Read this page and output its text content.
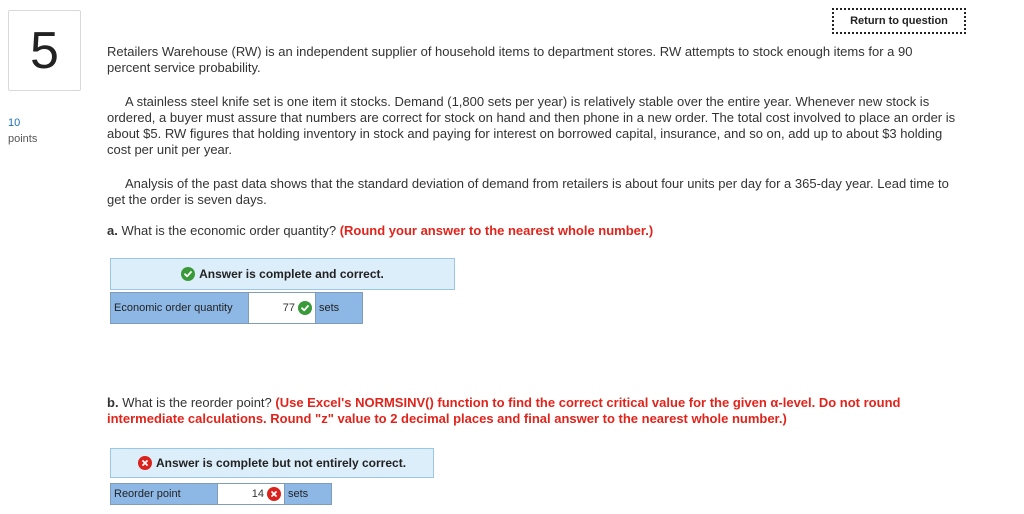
5
10
points
Return to question

Retailers Warehouse (RW) is an independent supplier of household items to department stores. RW attempts to stock enough items for a 90 percent service probability.

A stainless steel knife set is one item it stocks. Demand (1,800 sets per year) is relatively stable over the entire year. Whenever new stock is ordered, a buyer must assure that numbers are correct for stock on hand and then phone in a new order. The total cost involved to place an order is about $5. RW figures that holding inventory in stock and paying for interest on borrowed capital, insurance, and so on, add up to about $3 holding cost per unit per year.

Analysis of the past data shows that the standard deviation of demand from retailers is about four units per day for a 365-day year. Lead time to get the order is seven days.

a. What is the economic order quantity? (Round your answer to the nearest whole number.)

b. What is the reorder point? (Use Excel's NORMSINV() function to find the correct critical value for the given α-level. Do not round intermediate calculations. Round "z" value to 2 decimal places and final answer to the nearest whole number.)

Answer is complete and correct.
Economic order quantity	77	sets
Answer is complete but not entirely correct.
Reorder point	14	sets
